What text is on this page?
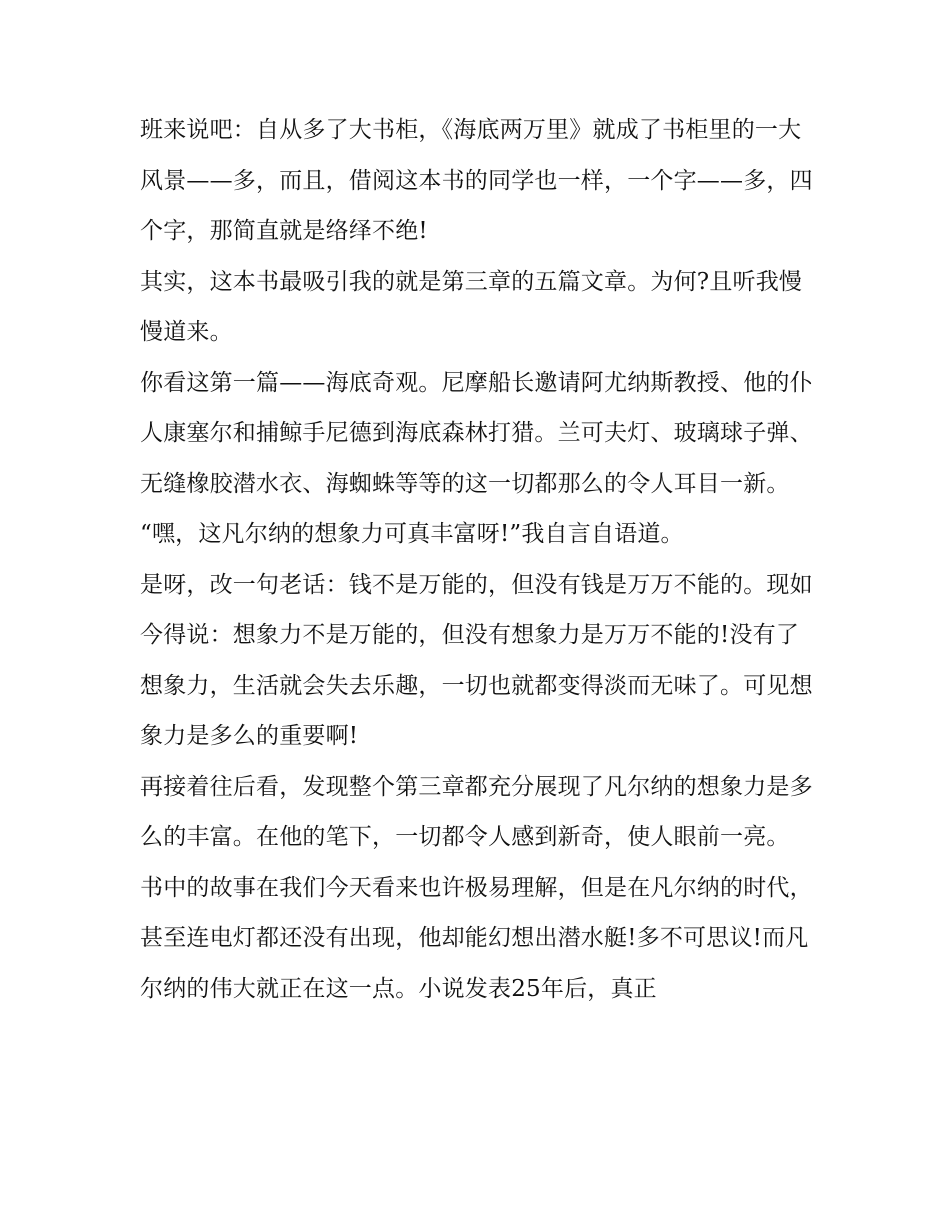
班来说吧：自从多了大书柜，《海底两万里》就成了书柜里的一大风景——多，而且，借阅这本书的同学也一样，一个字——多，四个字，那简直就是络绎不绝!

其实，这本书最吸引我的就是第三章的五篇文章。为何?且听我慢慢道来。

你看这第一篇——海底奇观。尼摩船长邀请阿尤纳斯教授、他的仆人康塞尔和捕鲸手尼德到海底森林打猎。兰可夫灯、玻璃球子弹、无缝橡胶潜水衣、海蜘蛛等等的这一切都那么的令人耳目一新。

“嘿，这凡尔纳的想象力可真丰富呀!”我自言自语道。

是呀，改一句老话：钱不是万能的，但没有钱是万万不能的。现如今得说：想象力不是万能的，但没有想象力是万万不能的!没有了想象力，生活就会失去乐趣，一切也就都变得淡而无味了。可见想象力是多么的重要啊!

再接着往后看，发现整个第三章都充分展现了凡尔纳的想象力是多么的丰富。在他的笔下，一切都令人感到新奇，使人眼前一亮。

书中的故事在我们今天看来也许极易理解，但是在凡尔纳的时代，甚至连电灯都还没有出现，他却能幻想出潜水艇!多不可思议!而凡尔纳的伟大就正在这一点。小说发表25年后，真正
